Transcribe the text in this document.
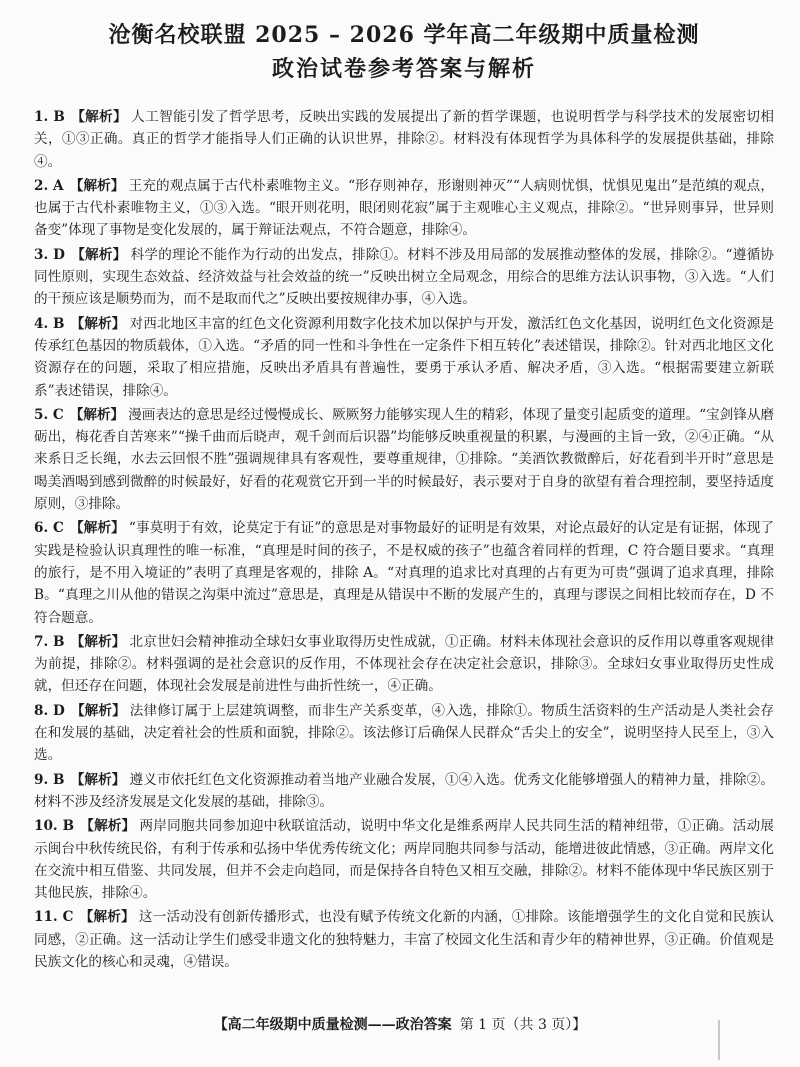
沧衡名校联盟 2025 – 2026 学年高二年级期中质量检测
政治试卷参考答案与解析

1. B 【解析】 人工智能引发了哲学思考，反映出实践的发展提出了新的哲学课题，也说明哲学与科学技术的发展密切相关，①③正确。真正的哲学才能指导人们正确的认识世界，排除②。材料没有体现哲学为具体科学的发展提供基础，排除④。

2. A 【解析】 王充的观点属于古代朴素唯物主义。“形存则神存，形谢则神灭”“人病则忧惧，忧惧见鬼出”是范缜的观点，也属于古代朴素唯物主义，①③入选。“眼开则花明，眼闭则花寂”属于主观唯心主义观点，排除②。“世异则事异，世异则备变”体现了事物是变化发展的，属于辩证法观点，不符合题意，排除④。

3. D 【解析】 科学的理论不能作为行动的出发点，排除①。材料不涉及用局部的发展推动整体的发展，排除②。“遵循协同性原则，实现生态效益、经济效益与社会效益的统一”反映出树立全局观念，用综合的思维方法认识事物，③入选。“人们的干预应该是顺势而为，而不是取而代之”反映出要按规律办事，④入选。

4. B 【解析】 对西北地区丰富的红色文化资源利用数字化技术加以保护与开发，激活红色文化基因，说明红色文化资源是传承红色基因的物质载体，①入选。“矛盾的同一性和斗争性在一定条件下相互转化”表述错误，排除②。针对西北地区文化资源存在的问题，采取了相应措施，反映出矛盾具有普遍性，要勇于承认矛盾、解决矛盾，③入选。“根据需要建立新联系”表述错误，排除④。

5. C 【解析】 漫画表达的意思是经过慢慢成长、厥厥努力能够实现人生的精彩，体现了量变引起质变的道理。“宝剑锋从磨砺出，梅花香自苦寒来”“操千曲而后晓声，观千剑而后识器”均能够反映重视量的积累，与漫画的主旨一致，②④正确。“从来系日乏长绳，水去云回恨不胜”强调规律具有客观性，要尊重规律，①排除。“美酒饮教微醉后，好花看到半开时”意思是喝美酒喝到感到微醉的时候最好，好看的花观赏它开到一半的时候最好，表示要对于自身的欲望有着合理控制，要坚持适度原则，③排除。

6. C 【解析】 “事莫明于有效，论莫定于有证”的意思是对事物最好的证明是有效果，对论点最好的认定是有证据，体现了实践是检验认识真理性的唯一标准，“真理是时间的孩子，不是权威的孩子”也蕴含着同样的哲理，C 符合题目要求。“真理的旅行，是不用入境证的”表明了真理是客观的，排除 A。“对真理的追求比对真理的占有更为可贵”强调了追求真理，排除 B。“真理之川从他的错误之沟渠中流过”意思是，真理是从错误中不断的发展产生的，真理与谬误之间相比较而存在，D 不符合题意。

7. B 【解析】 北京世妇会精神推动全球妇女事业取得历史性成就，①正确。材料未体现社会意识的反作用以尊重客观规律为前提，排除②。材料强调的是社会意识的反作用，不体现社会存在决定社会意识，排除③。全球妇女事业取得历史性成就，但还存在问题，体现社会发展是前进性与曲折性统一，④正确。

8. D 【解析】 法律修订属于上层建筑调整，而非生产关系变革，④入选，排除①。物质生活资料的生产活动是人类社会存在和发展的基础，决定着社会的性质和面貌，排除②。该法修订后确保人民群众“舌尖上的安全”，说明坚持人民至上，③入选。

9. B 【解析】 遵义市依托红色文化资源推动着当地产业融合发展，①④入选。优秀文化能够增强人的精神力量，排除②。材料不涉及经济发展是文化发展的基础，排除③。

10. B 【解析】 两岸同胞共同参加迎中秋联谊活动，说明中华文化是维系两岸人民共同生活的精神纽带，①正确。活动展示闽台中秋传统民俗，有利于传承和弘扬中华优秀传统文化；两岸同胞共同参与活动，能增进彼此情感，③正确。两岸文化在交流中相互借鉴、共同发展，但并不会走向趋同，而是保持各自特色又相互交融，排除②。材料不能体现中华民族区别于其他民族，排除④。

11. C 【解析】 这一活动没有创新传播形式，也没有赋予传统文化新的内涵，①排除。该能增强学生的文化自觉和民族认同感，②正确。这一活动让学生们感受非遗文化的独特魅力，丰富了校园文化生活和青少年的精神世界，③正确。价值观是民族文化的核心和灵魂，④错误。

【高二年级期中质量检测——政治答案 第 1 页（共 3 页）】
